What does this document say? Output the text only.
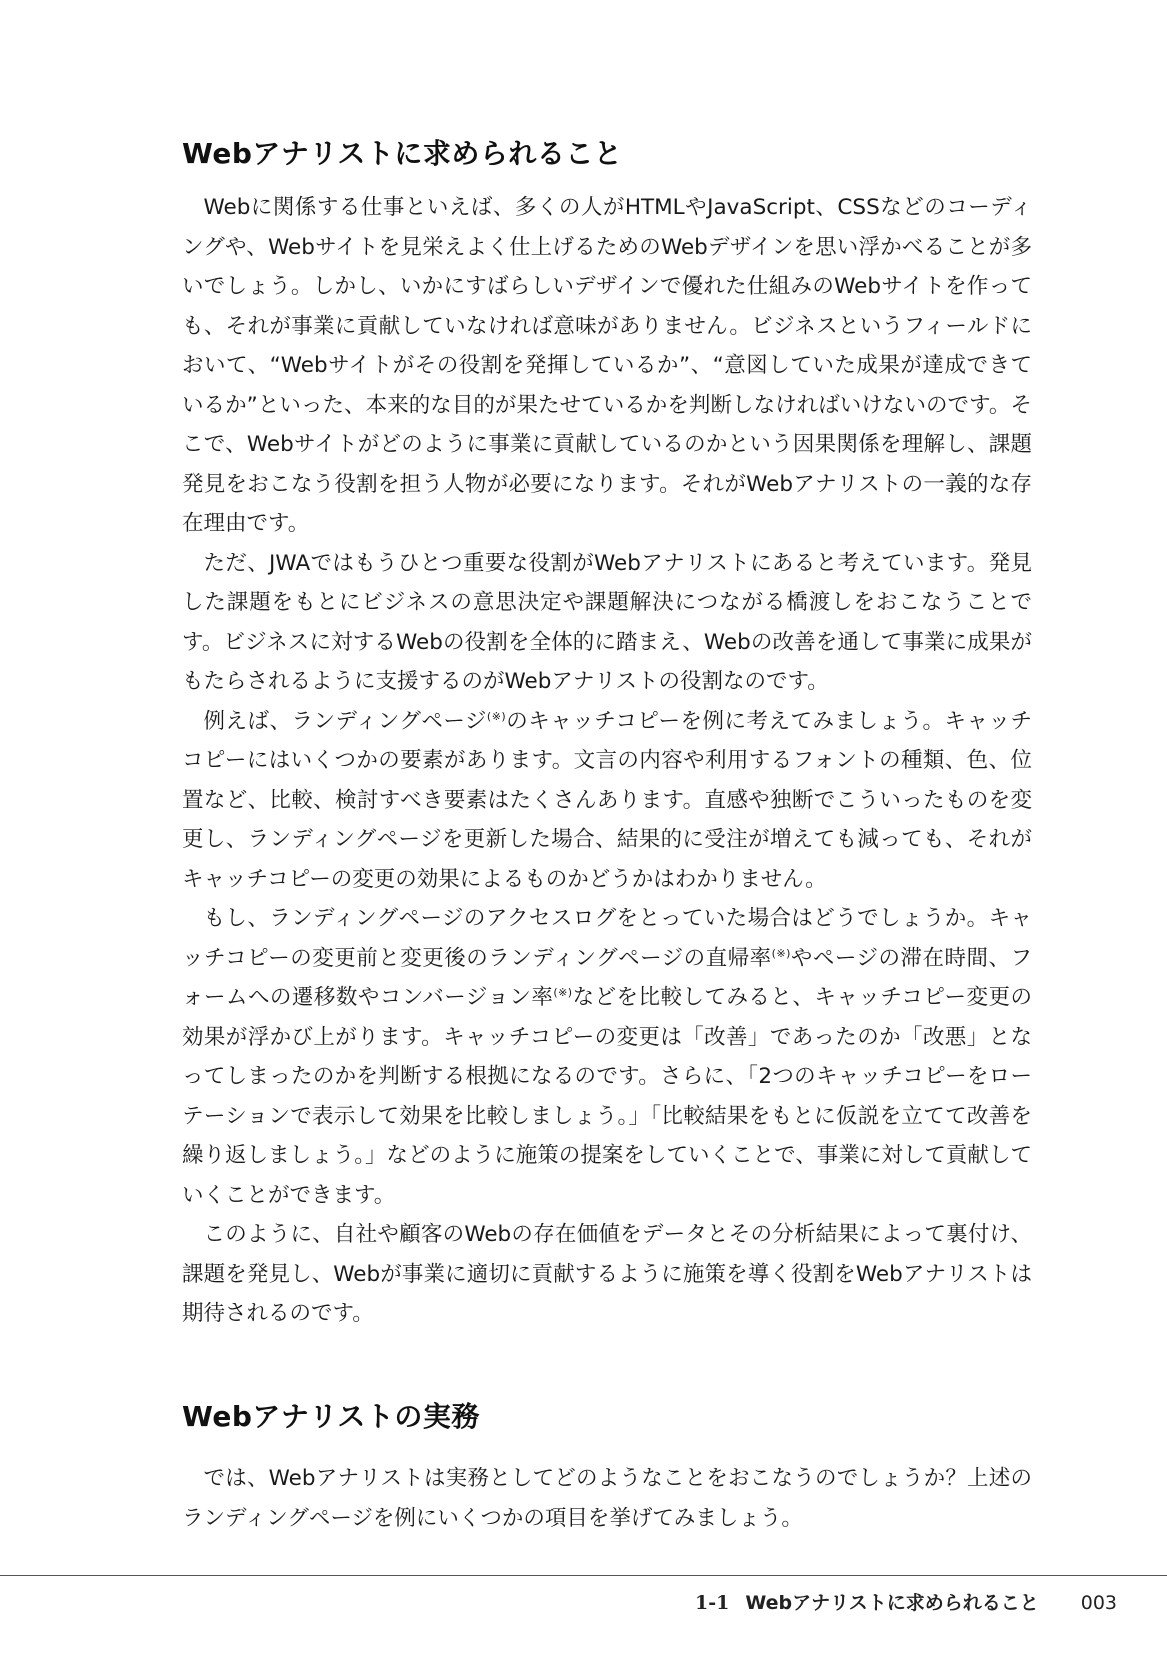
Webアナリストに求められること

Webに関係する仕事といえば、多くの人がHTMLやJavaScript、CSSなどのコーディングや、Webサイトを見栄えよく仕上げるためのWebデザインを思い浮かべることが多いでしょう。しかし、いかにすばらしいデザインで優れた仕組みのWebサイトを作っても、それが事業に貢献していなければ意味がありません。ビジネスというフィールドにおいて、“Webサイトがその役割を発揮しているか”、“意図していた成果が達成できているか”といった、本来的な目的が果たせているかを判断しなければいけないのです。そこで、Webサイトがどのように事業に貢献しているのかという因果関係を理解し、課題発見をおこなう役割を担う人物が必要になります。それがWebアナリストの一義的な存在理由です。

ただ、JWAではもうひとつ重要な役割がWebアナリストにあると考えています。発見した課題をもとにビジネスの意思決定や課題解決につながる橋渡しをおこなうことです。ビジネスに対するWebの役割を全体的に踏まえ、Webの改善を通して事業に成果がもたらされるように支援するのがWebアナリストの役割なのです。

例えば、ランディングページ(※)のキャッチコピーを例に考えてみましょう。キャッチコピーにはいくつかの要素があります。文言の内容や利用するフォントの種類、色、位置など、比較、検討すべき要素はたくさんあります。直感や独断でこういったものを変更し、ランディングページを更新した場合、結果的に受注が増えても減っても、それがキャッチコピーの変更の効果によるものかどうかはわかりません。

もし、ランディングページのアクセスログをとっていた場合はどうでしょうか。キャッチコピーの変更前と変更後のランディングページの直帰率(※)やページの滞在時間、フォームへの遷移数やコンバージョン率(※)などを比較してみると、キャッチコピー変更の効果が浮かび上がります。キャッチコピーの変更は「改善」であったのか「改悪」となってしまったのかを判断する根拠になるのです。さらに、「2つのキャッチコピーをローテーションで表示して効果を比較しましょう。」「比較結果をもとに仮説を立てて改善を繰り返しましょう。」などのように施策の提案をしていくことで、事業に対して貢献していくことができます。

このように、自社や顧客のWebの存在価値をデータとその分析結果によって裏付け、課題を発見し、Webが事業に適切に貢献するように施策を導く役割をWebアナリストは期待されるのです。

Webアナリストの実務

では、Webアナリストは実務としてどのようなことをおこなうのでしょうか？上述のランディングページを例にいくつかの項目を挙げてみましょう。

1-1 Webアナリストに求められること 003
